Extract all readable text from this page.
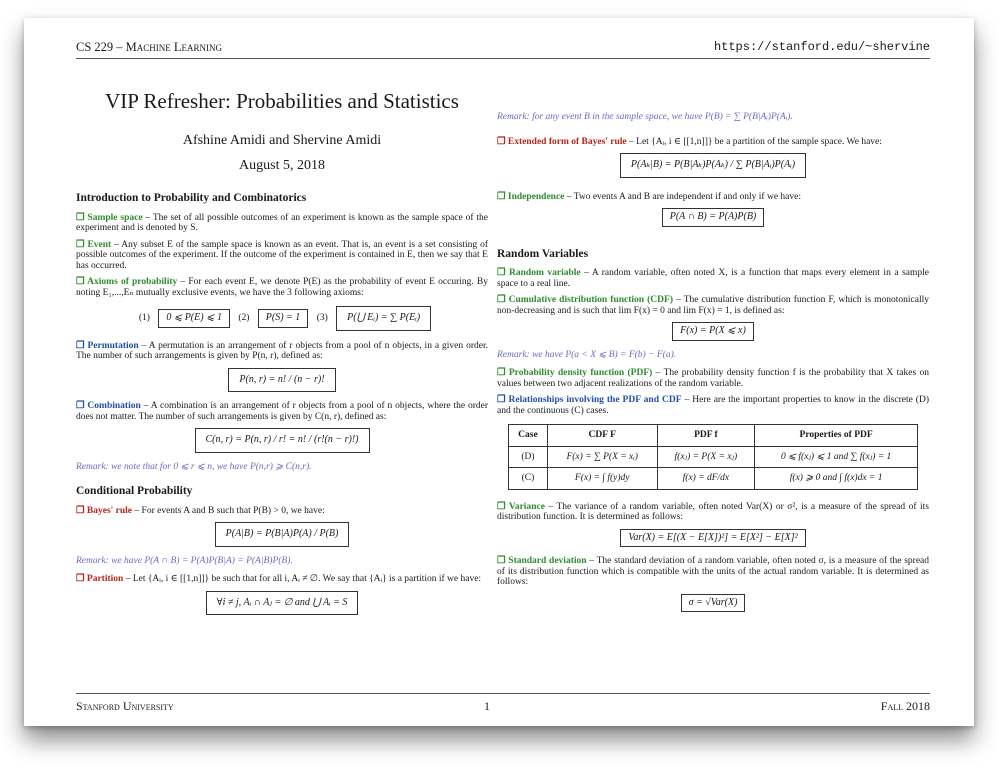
CS 229 – Machine Learning	https://stanford.edu/~shervine
VIP Refresher: Probabilities and Statistics
Afshine Amidi and Shervine Amidi
August 5, 2018
Introduction to Probability and Combinatorics

❒ Sample space – The set of all possible outcomes of an experiment is known as the sample space of the experiment and is denoted by S.

❒ Event – Any subset E of the sample space is known as an event. That is, an event is a set consisting of possible outcomes of the experiment. If the outcome of the experiment is contained in E, then we say that E has occurred.

❒ Axioms of probability – For each event E, we denote P(E) as the probability of event E occuring. By noting E₁,...,Eₙ mutually exclusive events, we have the 3 following axioms:

(1) 0 ⩽ P(E) ⩽ 1 (2) P(S) = 1 (3) P(⋃ Eᵢ) = ∑ P(Eᵢ)

❒ Permutation – A permutation is an arrangement of r objects from a pool of n objects, in a given order. The number of such arrangements is given by P(n, r), defined as:

P(n, r) = n! / (n − r)!

❒ Combination – A combination is an arrangement of r objects from a pool of n objects, where the order does not matter. The number of such arrangements is given by C(n, r), defined as:

C(n, r) = P(n, r) / r! = n! / (r!(n − r)!)
Remark: we note that for 0 ⩽ r ⩽ n, we have P(n,r) ⩾ C(n,r).
Conditional Probability

❒ Bayes' rule – For events A and B such that P(B) > 0, we have:

P(A|B) = P(B|A)P(A) / P(B)
Remark: we have P(A ∩ B) = P(A)P(B|A) = P(A|B)P(B).

❒ Partition – Let {Aᵢ, i ∈ [[1,n]]} be such that for all i, Aᵢ ≠ ∅. We say that {Aᵢ} is a partition if we have:

∀i ≠ j, Aᵢ ∩ Aⱼ = ∅ and ⋃ Aᵢ = S
Remark: for any event B in the sample space, we have P(B) = ∑ P(B|Aᵢ)P(Aᵢ).

❒ Extended form of Bayes' rule – Let {Aᵢ, i ∈ [[1,n]]} be a partition of the sample space. We have:

P(Aₖ|B) = P(B|Aₖ)P(Aₖ) / ∑ P(B|Aᵢ)P(Aᵢ)

❒ Independence – Two events A and B are independent if and only if we have:

P(A ∩ B) = P(A)P(B)
Random Variables

❒ Random variable – A random variable, often noted X, is a function that maps every element in a sample space to a real line.

❒ Cumulative distribution function (CDF) – The cumulative distribution function F, which is monotonically non-decreasing and is such that lim F(x) = 0 and lim F(x) = 1, is defined as:

F(x) = P(X ⩽ x)
Remark: we have P(a < X ⩽ B) = F(b) − F(a).

❒ Probability density function (PDF) – The probability density function f is the probability that X takes on values between two adjacent realizations of the random variable.

❒ Relationships involving the PDF and CDF – Here are the important properties to know in the discrete (D) and the continuous (C) cases.

Case	CDF F	PDF f	Properties of PDF
(D)	F(x) = ∑ P(X = xᵢ)	f(xⱼ) = P(X = xⱼ)	0 ⩽ f(xⱼ) ⩽ 1 and ∑ f(xⱼ) = 1
(C)	F(x) = ∫ f(y)dy	f(x) = dF/dx	f(x) ⩾ 0 and ∫ f(x)dx = 1

❒ Variance – The variance of a random variable, often noted Var(X) or σ², is a measure of the spread of its distribution function. It is determined as follows:

Var(X) = E[(X − E[X])²] = E[X²] − E[X]²

❒ Standard deviation – The standard deviation of a random variable, often noted σ, is a measure of the spread of its distribution function which is compatible with the units of the actual random variable. It is determined as follows:

σ = √Var(X)
Stanford University	1	Fall 2018
